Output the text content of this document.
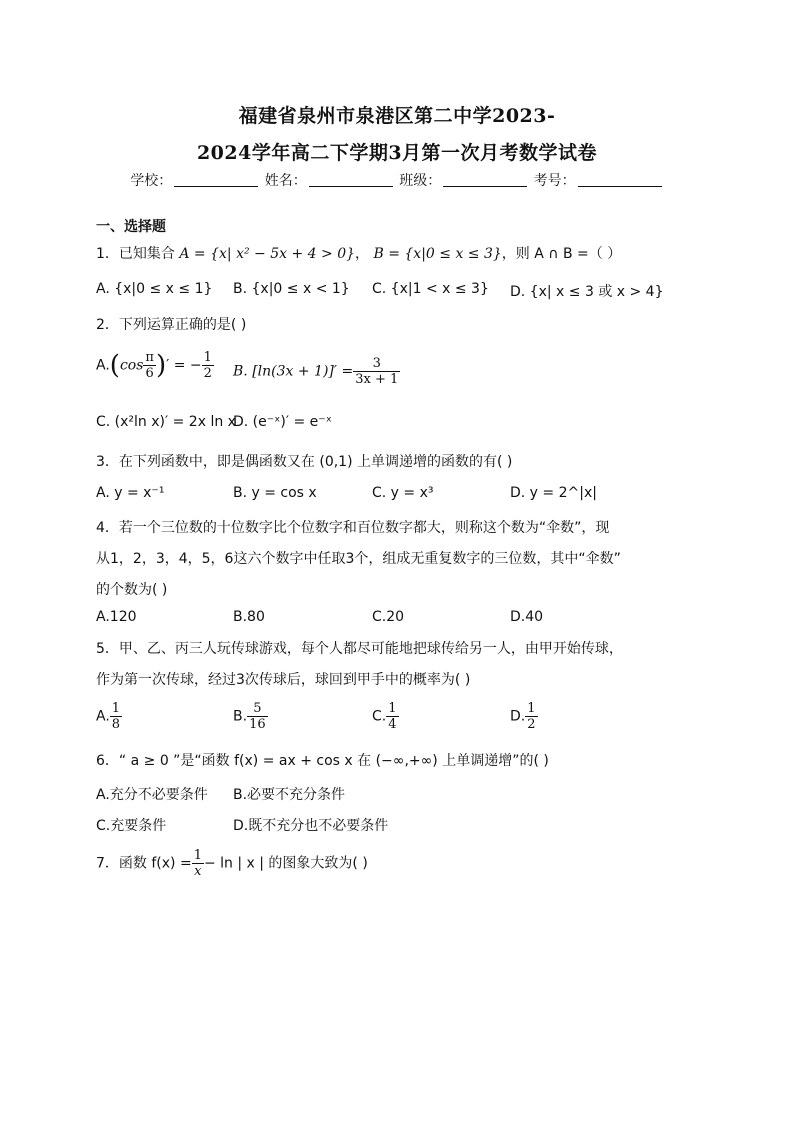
福建省泉州市泉港区第二中学2023-
2024学年高二下学期3月第一次月考数学试卷
学校：	姓名：	班级：	考号：
一、选择题
1．已知集合 A = {x| x² − 5x + 4 > 0}， B = {x|0 ≤ x ≤ 3}，则 A ∩ B =（ ）
A. {x|0 ≤ x ≤ 1} B. {x|0 ≤ x < 1} C. {x|1 < x ≤ 3} D. {x| x ≤ 3 或 x > 4}
2．下列运算正确的是( )
$A.(\cos \frac{\pi}{6}$ )′ = − $\frac{1}{2} B$. $[\ln(3x + 1)]' = \frac{3}{3x + 1}$
C. (x²ln x)′ = 2x ln x
D. (e⁻ˣ)′ = e⁻ˣ
3．在下列函数中，即是偶函数又在 (0,1) 上单调递增的函数的有( )
A. y = x⁻¹	B. y = cos x	C. y = x³	D. y = 2^|x|
4．若一个三位数的十位数字比个位数字和百位数字都大，则称这个数为“伞数”，现
从1，2，3，4，5，6这六个数字中任取3个，组成无重复数字的三位数，其中“伞数”
的个数为( )
A.120	B.80	C.20	D.40
5．甲、乙、丙三人玩传球游戏，每个人都尽可能地把球传给另一人，由甲开始传球，
作为第一次传球，经过3次传球后，球回到甲手中的概率为( )
A. $\frac{1}{8}$	B. $\frac{5}{16}$	C. $\frac{1}{4}$	D. $\frac{1}{2}$
6．“ a ≥ 0 ”是“函数 f(x) = ax + cos x 在 (−∞,+∞) 上单调递增”的( )
A.充分不必要条件 B.必要不充分条件
C.充要条件	D.既不充分也不必要条件
7．函数 $f(x) = \frac{1}{x} - \ln$ | x | 的图象大致为( )
